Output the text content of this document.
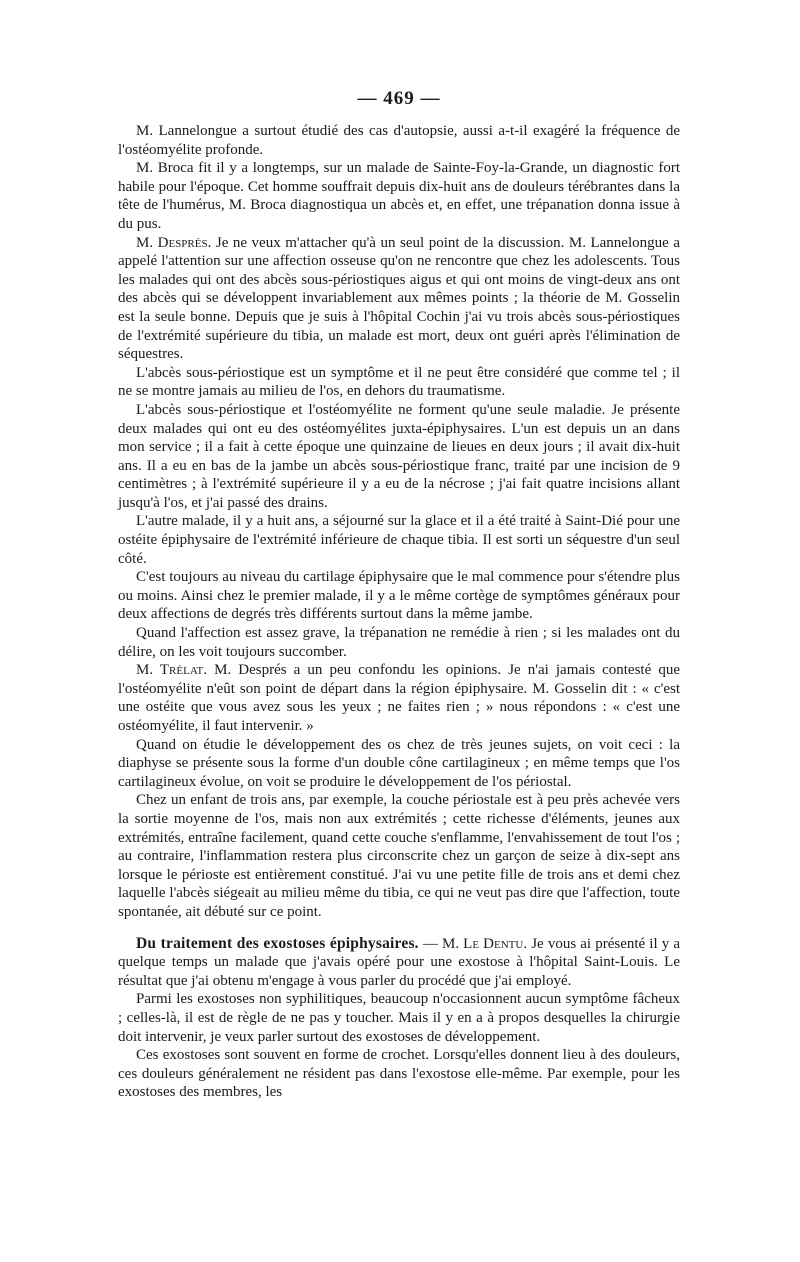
— 469 —

M. Lannelongue a surtout étudié des cas d'autopsie, aussi a-t-il exagéré la fréquence de l'ostéomyélite profonde.

M. Broca fit il y a longtemps, sur un malade de Sainte-Foy-la-Grande, un diagnostic fort habile pour l'époque. Cet homme souffrait depuis dix-huit ans de douleurs térébrantes dans la tête de l'humérus, M. Broca diagnostiqua un abcès et, en effet, une trépanation donna issue à du pus.

M. Després. Je ne veux m'attacher qu'à un seul point de la discussion. M. Lannelongue a appelé l'attention sur une affection osseuse qu'on ne rencontre que chez les adolescents. Tous les malades qui ont des abcès sous-périostiques aigus et qui ont moins de vingt-deux ans ont des abcès qui se développent invariablement aux mêmes points ; la théorie de M. Gosselin est la seule bonne. Depuis que je suis à l'hôpital Cochin j'ai vu trois abcès sous-périostiques de l'extrémité supérieure du tibia, un malade est mort, deux ont guéri après l'élimination de séquestres.

L'abcès sous-périostique est un symptôme et il ne peut être considéré que comme tel ; il ne se montre jamais au milieu de l'os, en dehors du traumatisme.

L'abcès sous-périostique et l'ostéomyélite ne forment qu'une seule maladie. Je présente deux malades qui ont eu des ostéomyélites juxta-épiphysaires. L'un est depuis un an dans mon service ; il a fait à cette époque une quinzaine de lieues en deux jours ; il avait dix-huit ans. Il a eu en bas de la jambe un abcès sous-périostique franc, traité par une incision de 9 centimètres ; à l'extrémité supérieure il y a eu de la nécrose ; j'ai fait quatre incisions allant jusqu'à l'os, et j'ai passé des drains.

L'autre malade, il y a huit ans, a séjourné sur la glace et il a été traité à Saint-Dié pour une ostéite épiphysaire de l'extrémité inférieure de chaque tibia. Il est sorti un séquestre d'un seul côté.

C'est toujours au niveau du cartilage épiphysaire que le mal commence pour s'étendre plus ou moins. Ainsi chez le premier malade, il y a le même cortège de symptômes généraux pour deux affections de degrés très différents surtout dans la même jambe.

Quand l'affection est assez grave, la trépanation ne remédie à rien ; si les malades ont du délire, on les voit toujours succomber.

M. Trélat. M. Després a un peu confondu les opinions. Je n'ai jamais contesté que l'ostéomyélite n'eût son point de départ dans la région épiphysaire. M. Gosselin dit : « c'est une ostéite que vous avez sous les yeux ; ne faites rien ; » nous répondons : « c'est une ostéomyélite, il faut intervenir. »

Quand on étudie le développement des os chez de très jeunes sujets, on voit ceci : la diaphyse se présente sous la forme d'un double cône cartilagineux ; en même temps que l'os cartilagineux évolue, on voit se produire le développement de l'os périostal.

Chez un enfant de trois ans, par exemple, la couche périostale est à peu près achevée vers la sortie moyenne de l'os, mais non aux extrémités ; cette richesse d'éléments, jeunes aux extrémités, entraîne facilement, quand cette couche s'enflamme, l'envahissement de tout l'os ; au contraire, l'inflammation restera plus circonscrite chez un garçon de seize à dix-sept ans lorsque le périoste est entièrement constitué. J'ai vu une petite fille de trois ans et demi chez laquelle l'abcès siégeait au milieu même du tibia, ce qui ne veut pas dire que l'affection, toute spontanée, ait débuté sur ce point.

Du traitement des exostoses épiphysaires. — M. Le Dentu. Je vous ai présenté il y a quelque temps un malade que j'avais opéré pour une exostose à l'hôpital Saint-Louis. Le résultat que j'ai obtenu m'engage à vous parler du procédé que j'ai employé.

Parmi les exostoses non syphilitiques, beaucoup n'occasionnent aucun symptôme fâcheux ; celles-là, il est de règle de ne pas y toucher. Mais il y en a à propos desquelles la chirurgie doit intervenir, je veux parler surtout des exostoses de développement.

Ces exostoses sont souvent en forme de crochet. Lorsqu'elles donnent lieu à des douleurs, ces douleurs généralement ne résident pas dans l'exostose elle-même. Par exemple, pour les exostoses des membres, les
